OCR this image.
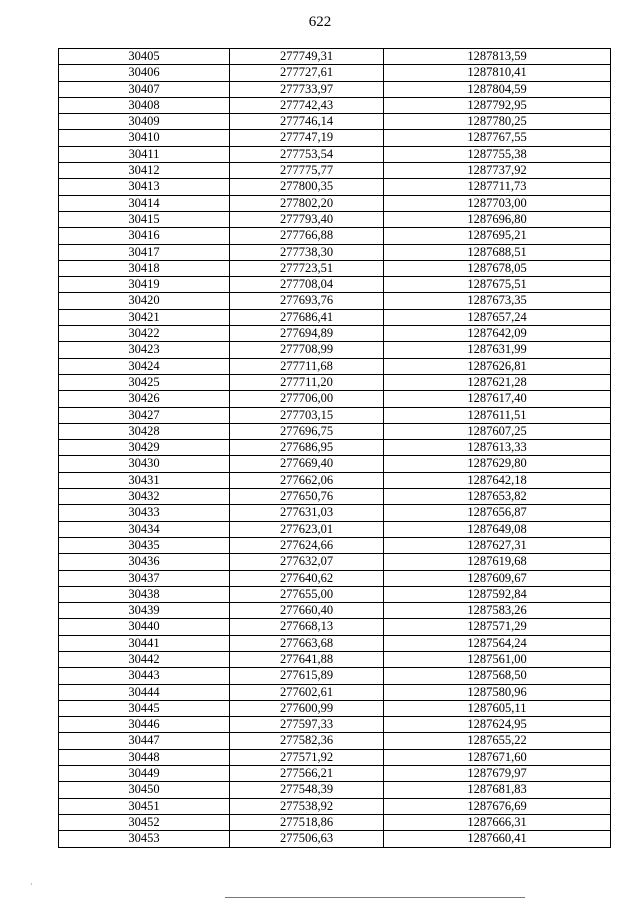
622
30405	277749,31	1287813,59
30406	277727,61	1287810,41
30407	277733,97	1287804,59
30408	277742,43	1287792,95
30409	277746,14	1287780,25
30410	277747,19	1287767,55
30411	277753,54	1287755,38
30412	277775,77	1287737,92
30413	277800,35	1287711,73
30414	277802,20	1287703,00
30415	277793,40	1287696,80
30416	277766,88	1287695,21
30417	277738,30	1287688,51
30418	277723,51	1287678,05
30419	277708,04	1287675,51
30420	277693,76	1287673,35
30421	277686,41	1287657,24
30422	277694,89	1287642,09
30423	277708,99	1287631,99
30424	277711,68	1287626,81
30425	277711,20	1287621,28
30426	277706,00	1287617,40
30427	277703,15	1287611,51
30428	277696,75	1287607,25
30429	277686,95	1287613,33
30430	277669,40	1287629,80
30431	277662,06	1287642,18
30432	277650,76	1287653,82
30433	277631,03	1287656,87
30434	277623,01	1287649,08
30435	277624,66	1287627,31
30436	277632,07	1287619,68
30437	277640,62	1287609,67
30438	277655,00	1287592,84
30439	277660,40	1287583,26
30440	277668,13	1287571,29
30441	277663,68	1287564,24
30442	277641,88	1287561,00
30443	277615,89	1287568,50
30444	277602,61	1287580,96
30445	277600,99	1287605,11
30446	277597,33	1287624,95
30447	277582,36	1287655,22
30448	277571,92	1287671,60
30449	277566,21	1287679,97
30450	277548,39	1287681,83
30451	277538,92	1287676,69
30452	277518,86	1287666,31
30453	277506,63	1287660,41
·
